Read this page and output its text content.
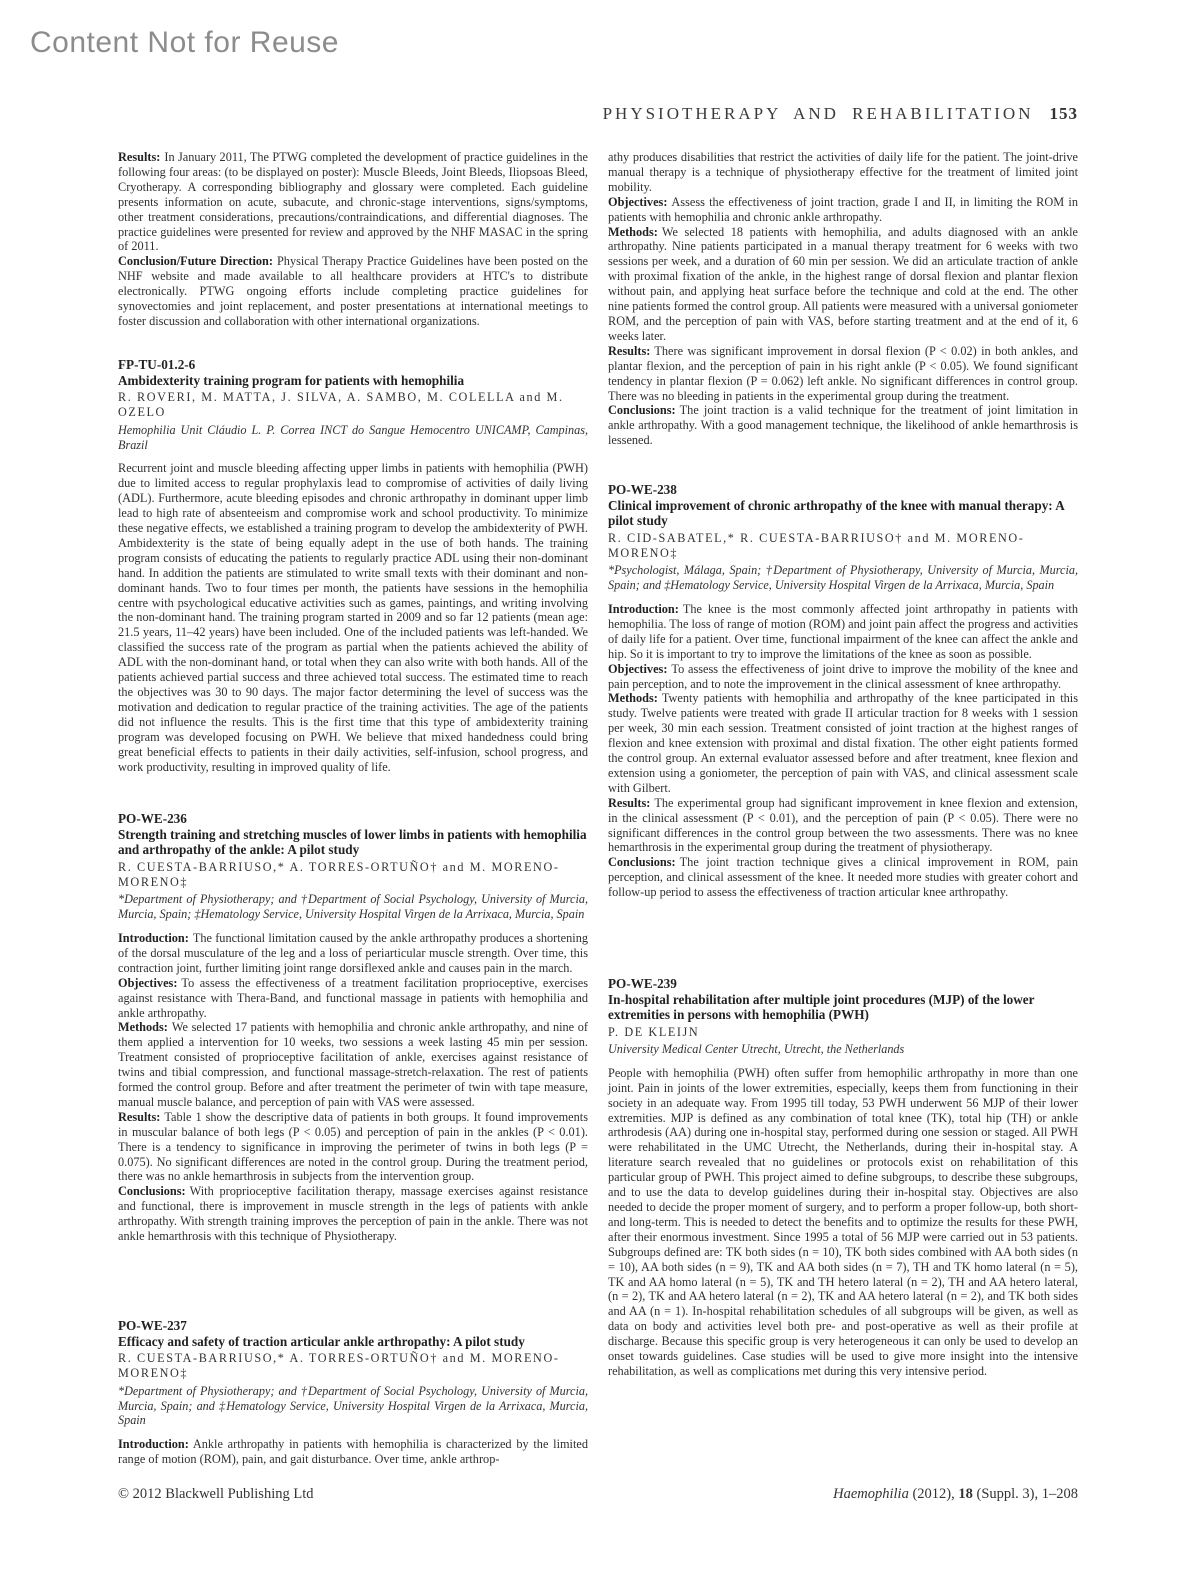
Content Not for Reuse
PHYSIOTHERAPY AND REHABILITATION 153

Results: In January 2011, The PTWG completed the development of practice guidelines in the following four areas: (to be displayed on poster): Muscle Bleeds, Joint Bleeds, Iliopsoas Bleed, Cryotherapy. A corresponding bibliography and glossary were completed. Each guideline presents information on acute, subacute, and chronic-stage interventions, signs/symptoms, other treatment considerations, precautions/contraindications, and differential diagnoses. The practice guidelines were presented for review and approved by the NHF MASAC in the spring of 2011.

Conclusion/Future Direction: Physical Therapy Practice Guidelines have been posted on the NHF website and made available to all healthcare providers at HTC's to distribute electronically. PTWG ongoing efforts include completing practice guidelines for synovectomies and joint replacement, and poster presentations at international meetings to foster discussion and collaboration with other international organizations.

FP-TU-01.2-6
Ambidexterity training program for patients with hemophilia
R. ROVERI, M. MATTA, J. SILVA, A. SAMBO, M. COLELLA and M. OZELO
Hemophilia Unit Cláudio L. P. Correa INCT do Sangue Hemocentro UNICAMP, Campinas, Brazil

Recurrent joint and muscle bleeding affecting upper limbs in patients with hemophilia (PWH) due to limited access to regular prophylaxis lead to compromise of activities of daily living (ADL). Furthermore, acute bleeding episodes and chronic arthropathy in dominant upper limb lead to high rate of absenteeism and compromise work and school productivity. To minimize these negative effects, we established a training program to develop the ambidexterity of PWH. Ambidexterity is the state of being equally adept in the use of both hands. The training program consists of educating the patients to regularly practice ADL using their non-dominant hand. In addition the patients are stimulated to write small texts with their dominant and non-dominant hands. Two to four times per month, the patients have sessions in the hemophilia centre with psychological educative activities such as games, paintings, and writing involving the non-dominant hand. The training program started in 2009 and so far 12 patients (mean age: 21.5 years, 11–42 years) have been included. One of the included patients was left-handed. We classified the success rate of the program as partial when the patients achieved the ability of ADL with the non-dominant hand, or total when they can also write with both hands. All of the patients achieved partial success and three achieved total success. The estimated time to reach the objectives was 30 to 90 days. The major factor determining the level of success was the motivation and dedication to regular practice of the training activities. The age of the patients did not influence the results. This is the first time that this type of ambidexterity training program was developed focusing on PWH. We believe that mixed handedness could bring great beneficial effects to patients in their daily activities, self-infusion, school progress, and work productivity, resulting in improved quality of life.

PO-WE-236
Strength training and stretching muscles of lower limbs in patients with hemophilia and arthropathy of the ankle: A pilot study
R. CUESTA-BARRIUSO,* A. TORRES-ORTUÑO† and M. MORENO-MORENO‡
*Department of Physiotherapy; and †Department of Social Psychology, University of Murcia, Murcia, Spain; ‡Hematology Service, University Hospital Virgen de la Arrixaca, Murcia, Spain

Introduction: The functional limitation caused by the ankle arthropathy produces a shortening of the dorsal musculature of the leg and a loss of periarticular muscle strength. Over time, this contraction joint, further limiting joint range dorsiflexed ankle and causes pain in the march.

Objectives: To assess the effectiveness of a treatment facilitation proprioceptive, exercises against resistance with Thera-Band, and functional massage in patients with hemophilia and ankle arthropathy.

Methods: We selected 17 patients with hemophilia and chronic ankle arthropathy, and nine of them applied a intervention for 10 weeks, two sessions a week lasting 45 min per session. Treatment consisted of proprioceptive facilitation of ankle, exercises against resistance of twins and tibial compression, and functional massage-stretch-relaxation. The rest of patients formed the control group. Before and after treatment the perimeter of twin with tape measure, manual muscle balance, and perception of pain with VAS were assessed.

Results: Table 1 show the descriptive data of patients in both groups. It found improvements in muscular balance of both legs (P < 0.05) and perception of pain in the ankles (P < 0.01). There is a tendency to significance in improving the perimeter of twins in both legs (P = 0.075). No significant differences are noted in the control group. During the treatment period, there was no ankle hemarthrosis in subjects from the intervention group.

Conclusions: With proprioceptive facilitation therapy, massage exercises against resistance and functional, there is improvement in muscle strength in the legs of patients with ankle arthropathy. With strength training improves the perception of pain in the ankle. There was not ankle hemarthrosis with this technique of Physiotherapy.

PO-WE-237
Efficacy and safety of traction articular ankle arthropathy: A pilot study
R. CUESTA-BARRIUSO,* A. TORRES-ORTUÑO† and M. MORENO-MORENO‡
*Department of Physiotherapy; and †Department of Social Psychology, University of Murcia, Murcia, Spain; and ‡Hematology Service, University Hospital Virgen de la Arrixaca, Murcia, Spain

Introduction: Ankle arthropathy in patients with hemophilia is characterized by the limited range of motion (ROM), pain, and gait disturbance. Over time, ankle arthrop-

athy produces disabilities that restrict the activities of daily life for the patient. The joint-drive manual therapy is a technique of physiotherapy effective for the treatment of limited joint mobility.

Objectives: Assess the effectiveness of joint traction, grade I and II, in limiting the ROM in patients with hemophilia and chronic ankle arthropathy.

Methods: We selected 18 patients with hemophilia, and adults diagnosed with an ankle arthropathy. Nine patients participated in a manual therapy treatment for 6 weeks with two sessions per week, and a duration of 60 min per session. We did an articulate traction of ankle with proximal fixation of the ankle, in the highest range of dorsal flexion and plantar flexion without pain, and applying heat surface before the technique and cold at the end. The other nine patients formed the control group. All patients were measured with a universal goniometer ROM, and the perception of pain with VAS, before starting treatment and at the end of it, 6 weeks later.

Results: There was significant improvement in dorsal flexion (P < 0.02) in both ankles, and plantar flexion, and the perception of pain in his right ankle (P < 0.05). We found significant tendency in plantar flexion (P = 0.062) left ankle. No significant differences in control group. There was no bleeding in patients in the experimental group during the treatment.

Conclusions: The joint traction is a valid technique for the treatment of joint limitation in ankle arthropathy. With a good management technique, the likelihood of ankle hemarthrosis is lessened.

PO-WE-238
Clinical improvement of chronic arthropathy of the knee with manual therapy: A pilot study
R. CID-SABATEL,* R. CUESTA-BARRIUSO† and M. MORENO-MORENO‡
*Psychologist, Málaga, Spain; †Department of Physiotherapy, University of Murcia, Murcia, Spain; and ‡Hematology Service, University Hospital Virgen de la Arrixaca, Murcia, Spain

Introduction: The knee is the most commonly affected joint arthropathy in patients with hemophilia. The loss of range of motion (ROM) and joint pain affect the progress and activities of daily life for a patient. Over time, functional impairment of the knee can affect the ankle and hip. So it is important to try to improve the limitations of the knee as soon as possible.

Objectives: To assess the effectiveness of joint drive to improve the mobility of the knee and pain perception, and to note the improvement in the clinical assessment of knee arthropathy.

Methods: Twenty patients with hemophilia and arthropathy of the knee participated in this study. Twelve patients were treated with grade II articular traction for 8 weeks with 1 session per week, 30 min each session. Treatment consisted of joint traction at the highest ranges of flexion and knee extension with proximal and distal fixation. The other eight patients formed the control group. An external evaluator assessed before and after treatment, knee flexion and extension using a goniometer, the perception of pain with VAS, and clinical assessment scale with Gilbert.

Results: The experimental group had significant improvement in knee flexion and extension, in the clinical assessment (P < 0.01), and the perception of pain (P < 0.05). There were no significant differences in the control group between the two assessments. There was no knee hemarthrosis in the experimental group during the treatment of physiotherapy.

Conclusions: The joint traction technique gives a clinical improvement in ROM, pain perception, and clinical assessment of the knee. It needed more studies with greater cohort and follow-up period to assess the effectiveness of traction articular knee arthropathy.

PO-WE-239
In-hospital rehabilitation after multiple joint procedures (MJP) of the lower extremities in persons with hemophilia (PWH)
P. DE KLEIJN
University Medical Center Utrecht, Utrecht, the Netherlands

People with hemophilia (PWH) often suffer from hemophilic arthropathy in more than one joint. Pain in joints of the lower extremities, especially, keeps them from functioning in their society in an adequate way. From 1995 till today, 53 PWH underwent 56 MJP of their lower extremities. MJP is defined as any combination of total knee (TK), total hip (TH) or ankle arthrodesis (AA) during one in-hospital stay, performed during one session or staged. All PWH were rehabilitated in the UMC Utrecht, the Netherlands, during their in-hospital stay. A literature search revealed that no guidelines or protocols exist on rehabilitation of this particular group of PWH. This project aimed to define subgroups, to describe these subgroups, and to use the data to develop guidelines during their in-hospital stay. Objectives are also needed to decide the proper moment of surgery, and to perform a proper follow-up, both short- and long-term. This is needed to detect the benefits and to optimize the results for these PWH, after their enormous investment. Since 1995 a total of 56 MJP were carried out in 53 patients. Subgroups defined are: TK both sides (n = 10), TK both sides combined with AA both sides (n = 10), AA both sides (n = 9), TK and AA both sides (n = 7), TH and TK homo lateral (n = 5), TK and AA homo lateral (n = 5), TK and TH hetero lateral (n = 2), TH and AA hetero lateral, (n = 2), TK and AA hetero lateral (n = 2), TK and AA hetero lateral (n = 2), and TK both sides and AA (n = 1). In-hospital rehabilitation schedules of all subgroups will be given, as well as data on body and activities level both pre- and post-operative as well as their profile at discharge. Because this specific group is very heterogeneous it can only be used to develop an onset towards guidelines. Case studies will be used to give more insight into the intensive rehabilitation, as well as complications met during this very intensive period.

© 2012 Blackwell Publishing Ltd	Haemophilia (2012), 18 (Suppl. 3), 1–208
